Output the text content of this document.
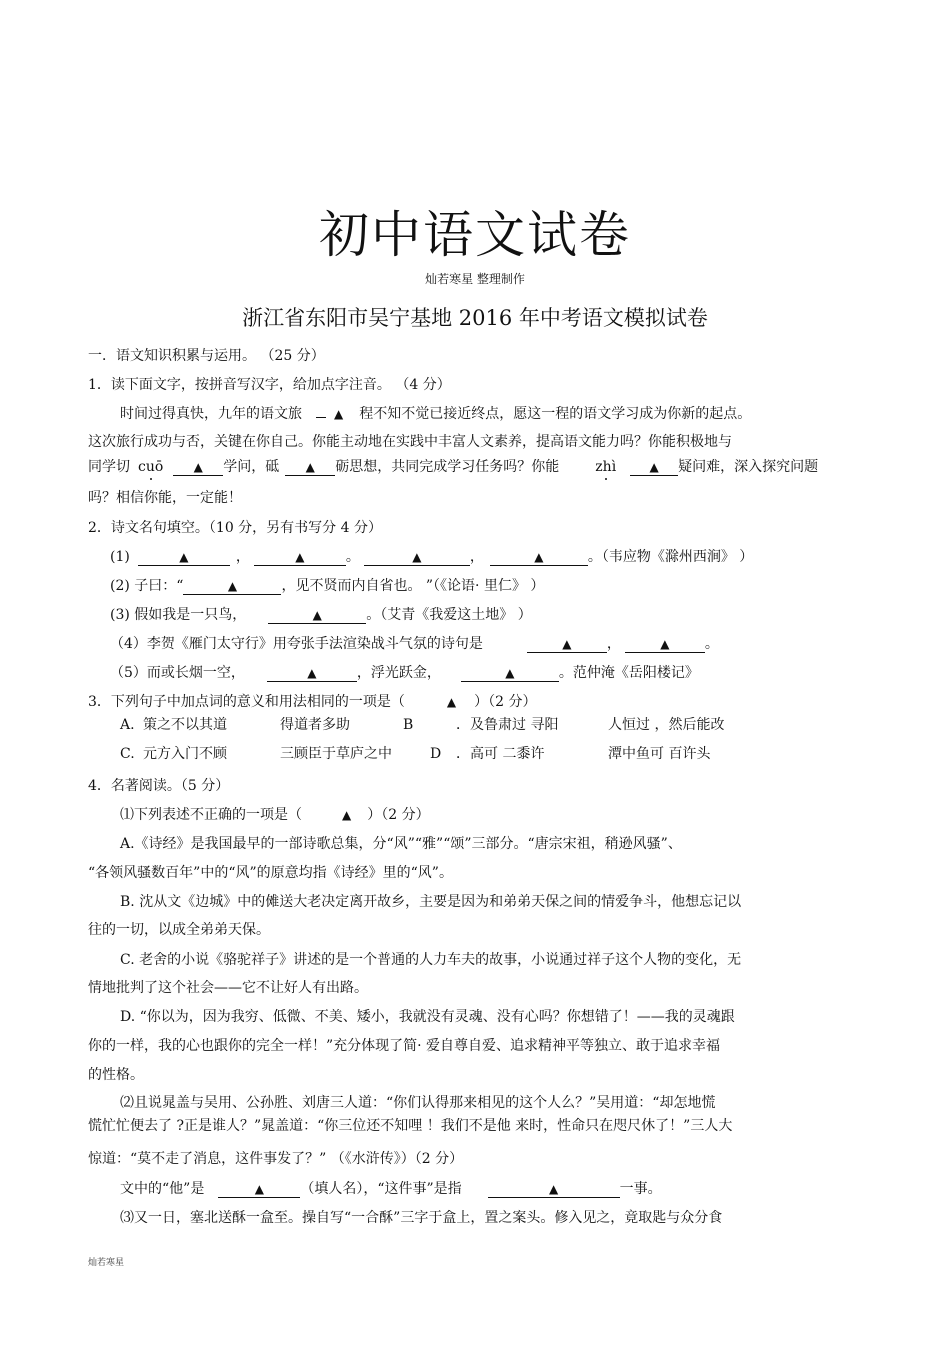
初中语文试卷
灿若寒星 整理制作
浙江省东阳市吴宁基地 2016 年中考语文模拟试卷
一．语文知识积累与运用。 （25 分）
1．读下面文字，按拼音写汉字，给加点字注音。 （4 分）
时间过得真快，九年的语文旅	▲ 程不知不觉已接近终点，愿这一程的语文学习成为你新的起点。
这次旅行成功与否，关键在你自己。你能主动地在实践中丰富人文素养，提高语文能力吗？你能积极地与
同学切 cuō	▲ 学问，砥 ▲ 砺思想，共同完成学习任务吗？你能	zhì	▲ 疑问难，深入探究问题
吗？相信你能，一定能！
2．诗文名句填空。（10 分，另有书写分 4 分）
(1)	▲	，	▲	。	▲	，	▲	。（韦应物《滁州西涧》 ）
(2) 子曰：“	▲	，见不贤而内自省也。 ”（《论语· 里仁》 ）
(3) 假如我是一只鸟，	▲	。（艾青《我爱这土地》 ）
（4）李贺《雁门太守行》用夸张手法渲染战斗气氛的诗句是	▲	，	▲	。
（5）而或长烟一空，	▲	，浮光跃金，	▲	。范仲淹《岳阳楼记》
3．下列句子中加点词的意义和用法相同的一项是（	▲ ）（2 分）
A. 策之不以其道	得道者多助	B	．及鲁肃过 寻阳	人恒过 ，然后能改
C. 元方入门不顾	三顾臣于草庐之中	D ．高可 二黍许	潭中鱼可 百许头
4．名著阅读。（5 分）
⑴下列表述不正确的一项是（	▲ ）（2 分）
A.《诗经》是我国最早的一部诗歌总集，分“风”“雅”“颂”三部分。“唐宗宋祖，稍逊风骚”、
“各领风骚数百年”中的“风”的原意均指《诗经》里的“风”。
B. 沈从文《边城》中的傩送大老决定离开故乡，主要是因为和弟弟天保之间的情爱争斗，他想忘记以
往的一切，以成全弟弟天保。
C. 老舍的小说《骆驼祥子》讲述的是一个普通的人力车夫的故事，小说通过祥子这个人物的变化，无
情地批判了这个社会——它不让好人有出路。
D. “你以为，因为我穷、低微、不美、矮小，我就没有灵魂、没有心吗？你想错了！——我的灵魂跟
你的一样，我的心也跟你的完全一样！”充分体现了简· 爱自尊自爱、追求精神平等独立、敢于追求幸福
的性格。
⑵且说晁盖与吴用、公孙胜、刘唐三人道：“你们认得那来相见的这个人么？”吴用道：“却怎地慌
慌忙忙便去了 ?正是谁人？”晁盖道：“你三位还不知哩 ！我们不是他 来时，性命只在咫尺休了！”三人大
惊道：“莫不走了消息，这件事发了？” （《水浒传》）（2 分）
文中的“他”是	▲	（填人名），“这件事”是指	▲	一事。
⑶又一日，塞北送酥一盒至。操自写“一合酥”三字于盒上，置之案头。修入见之，竟取匙与众分食
灿若寒星
